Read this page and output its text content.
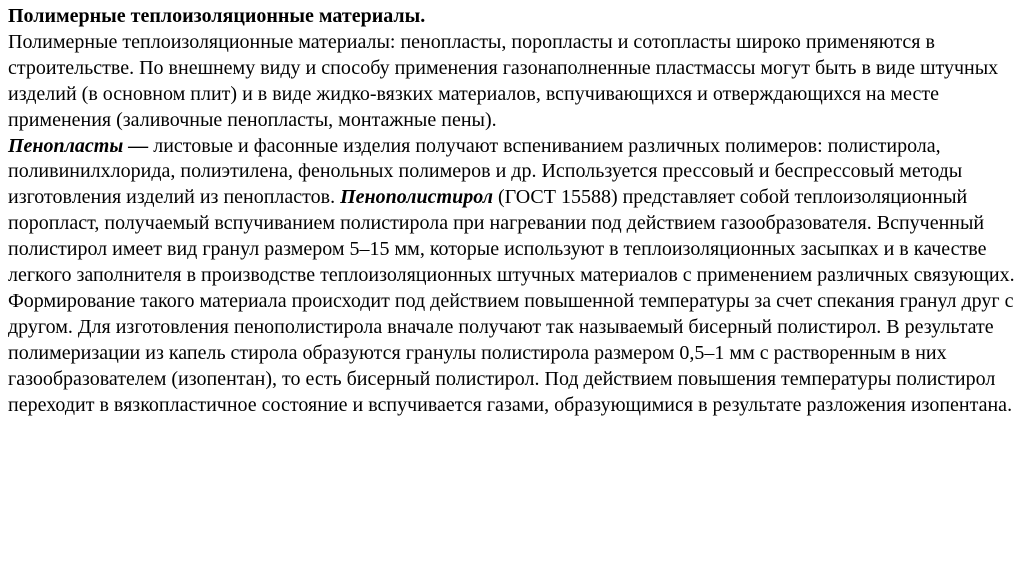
Полимерные теплоизоляционные материалы.

Полимерные теплоизоляционные материалы: пенопласты, поропласты и сотопласты широко применяются в строительстве. По внешнему виду и способу применения газонаполненные пластмассы могут быть в виде штучных изделий (в основном плит) и в виде жидко-вязких материалов, вспучивающихся и отверждающихся на месте применения (заливочные пенопласты, монтажные пены).

Пенопласты — листовые и фасонные изделия получают вспениванием различных полимеров: полистирола, поливинилхлорида, полиэтилена, фенольных полимеров и др. Используется прессовый и беспрессовый методы изготовления изделий из пенопластов. Пенополистирол (ГОСТ 15588) представляет собой теплоизоляционный поропласт, получаемый вспучиванием полистирола при нагревании под действием газообразователя. Вспученный полистирол имеет вид гранул размером 5–15 мм, которые используют в теплоизоляционных засыпках и в качестве легкого заполнителя в производстве теплоизоляционных штучных материалов с применением различных связующих. Формирование такого материала происходит под действием повышенной температуры за счет спекания гранул друг с другом. Для изготовления пенополистирола вначале получают так называемый бисерный полистирол. В результате полимеризации из капель стирола образуются гранулы полистирола размером 0,5–1 мм с растворенным в них газообразователем (изопентан), то есть бисерный полистирол. Под действием повышения температуры полистирол переходит в вязкопластичное состояние и вспучивается газами, образующимися в результате разложения изопентана.
